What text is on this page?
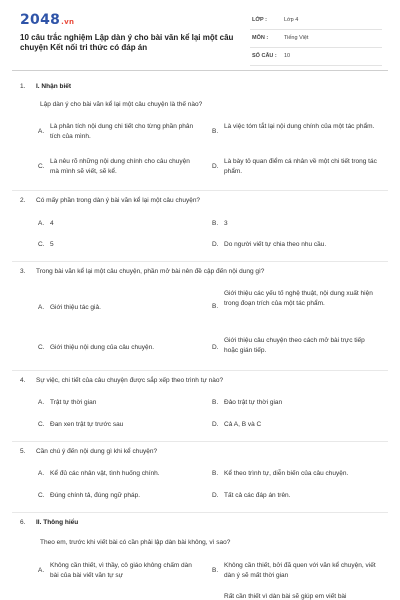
2048.vn
10 câu trắc nghiệm Lập dàn ý cho bài văn kể lại một câu chuyện Kết nối tri thức có đáp án
LỚP :	Lớp 4
MÔN :	Tiếng Việt
SỐ CÂU : 10
1. I. Nhận biết
Lập dàn ý cho bài văn kể lại một câu chuyện là thế nào?
A.
Là phân tích nội dung chi tiết cho từng phần phân tích của mình.
B.
Là việc tóm tắt lại nội dung chính của một tác phẩm.
C.
Là nêu rõ những nội dung chính cho câu chuyện mà mình sẽ viết, sẽ kể.
D.
Là bày tỏ quan điểm cá nhân về một chi tiết trong tác phẩm.
2. Có mấy phần trong dàn ý bài văn kể lại một câu chuyện?
A. 4	B. 3
C. 5	D. Do người viết tự chia theo nhu cầu.
3. Trong bài văn kể lại một câu chuyện, phần mở bài nên đề cập đến nội dung gì?
A. Giới thiệu tác giả.	B.
Giới thiệu các yếu tố nghệ thuật, nội dung xuất hiện trong đoạn trích của một tác phẩm.
C. Giới thiệu nội dung của câu chuyện.	D.
Giới thiệu câu chuyện theo cách mở bài trực tiếp hoặc gián tiếp.
4. Sự việc, chi tiết của câu chuyện được sắp xếp theo trình tự nào?
A. Trật tự thời gian	B. Đảo trật tự thời gian
C. Đan xen trật tự trước sau	D. Cả A, B và C
5. Cần chú ý đến nội dung gì khi kể chuyện?
A. Kể đủ các nhân vật, tình huống chính.	B. Kể theo trình tự, diễn biến của câu chuyện.
C. Đúng chính tả, đúng ngữ pháp.	D. Tất cả các đáp án trên.
6. II. Thông hiểu
Theo em, trước khi viết bài có cần phải lập dàn bài không, vì sao?
A.
Không cần thiết, vì thầy, cô giáo không chấm dàn bài của bài viết văn tự sự
B.
Không cần thiết, bởi đã quen với văn kể chuyện, viết dàn ý sẽ mất thời gian
Rất cần thiết vì dàn bài sẽ giúp em viết bài
